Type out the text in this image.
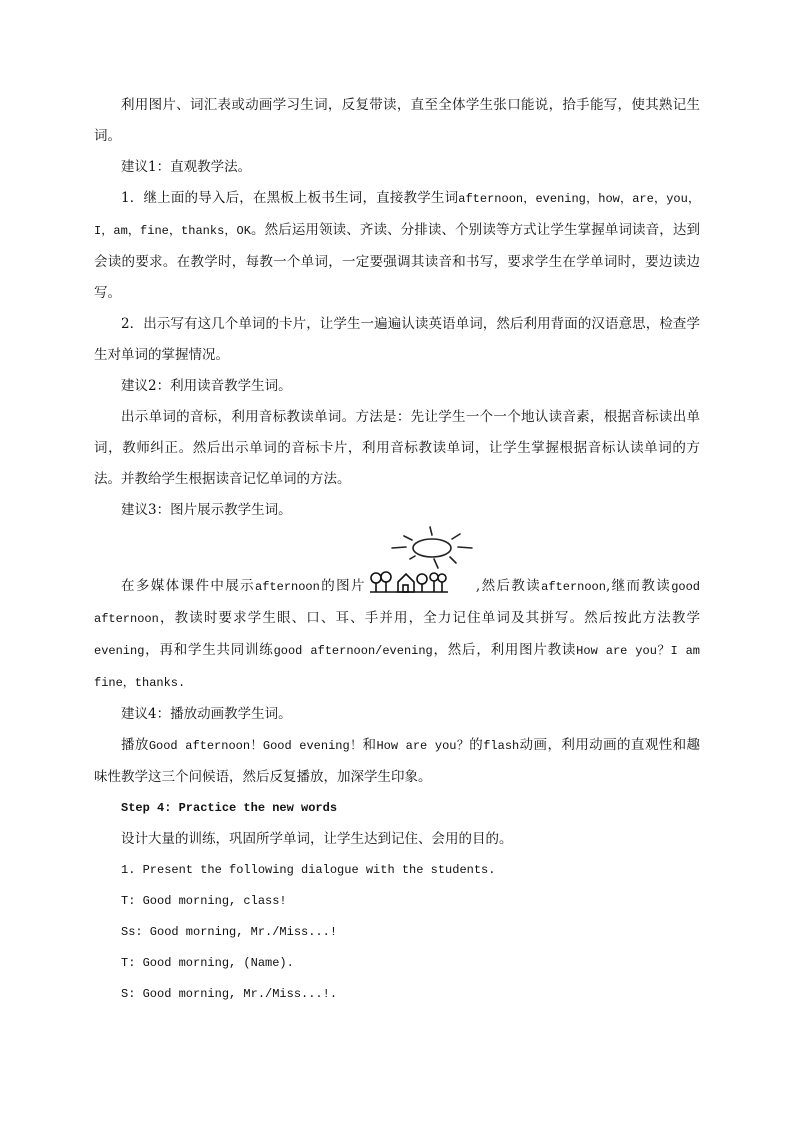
利用图片、词汇表或动画学习生词，反复带读，直至全体学生张口能说，拾手能写，使其熟记生词。

建议1：直观教学法。

1．继上面的导入后，在黑板上板书生词，直接教学生词afternoon，evening，how，are，you，I，am，fine，thanks，OK。然后运用领读、齐读、分排读、个别读等方式让学生掌握单词读音，达到会读的要求。在教学时，每教一个单词，一定要强调其读音和书写，要求学生在学单词时，要边读边写。

2．出示写有这几个单词的卡片，让学生一遍遍认读英语单词，然后利用背面的汉语意思，检查学生对单词的掌握情况。

建议2：利用读音教学生词。

出示单词的音标，利用音标教读单词。方法是：先让学生一个一个地认读音素，根据音标读出单词，教师纠正。然后出示单词的音标卡片，利用音标教读单词，让学生掌握根据音标认读单词的方法。并教给学生根据读音记忆单词的方法。

建议3：图片展示教学生词。

在多媒体课件中展示afternoon的图片	,然后教读afternoon,继而教读good afternoon，教读时要求学生眼、口、耳、手并用，全力记住单词及其拼写。然后按此方法教学evening，再和学生共同训练good afternoon/evening，然后，利用图片教读How are you？I am fine，thanks.

建议4：播放动画教学生词。

播放Good afternoon！Good evening！和How are you？的flash动画，利用动画的直观性和趣味性教学这三个问候语，然后反复播放，加深学生印象。

Step 4: Practice the new words

设计大量的训练，巩固所学单词，让学生达到记住、会用的目的。

1. Present the following dialogue with the students.

T: Good morning, class!

Ss: Good morning, Mr./Miss...!

T: Good morning, (Name).

S: Good morning, Mr./Miss...!.
